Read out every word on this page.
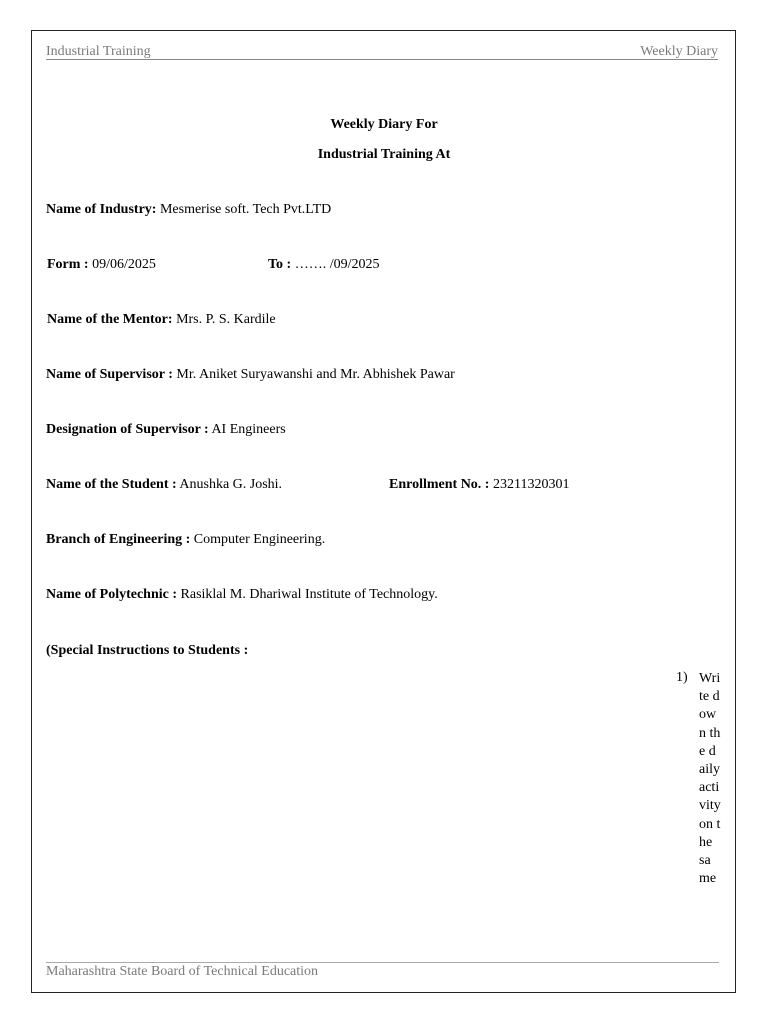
Industrial Training	Weekly Diary
Weekly Diary For
Industrial Training At
Name of Industry: Mesmerise soft. Tech Pvt.LTD
Form : 09/06/2025	To : ……. /09/2025
Name of the Mentor: Mrs. P. S. Kardile
Name of Supervisor : Mr. Aniket Suryawanshi and Mr. Abhishek Pawar
Designation of Supervisor : AI Engineers
Name of the Student : Anushka G. Joshi.	Enrollment No. : 23211320301
Branch of Engineering : Computer Engineering.
Name of Polytechnic : Rasiklal M. Dhariwal Institute of Technology.
(Special Instructions to Students :
1) Write down the daily activity on the same
Maharashtra State Board of Technical Education
